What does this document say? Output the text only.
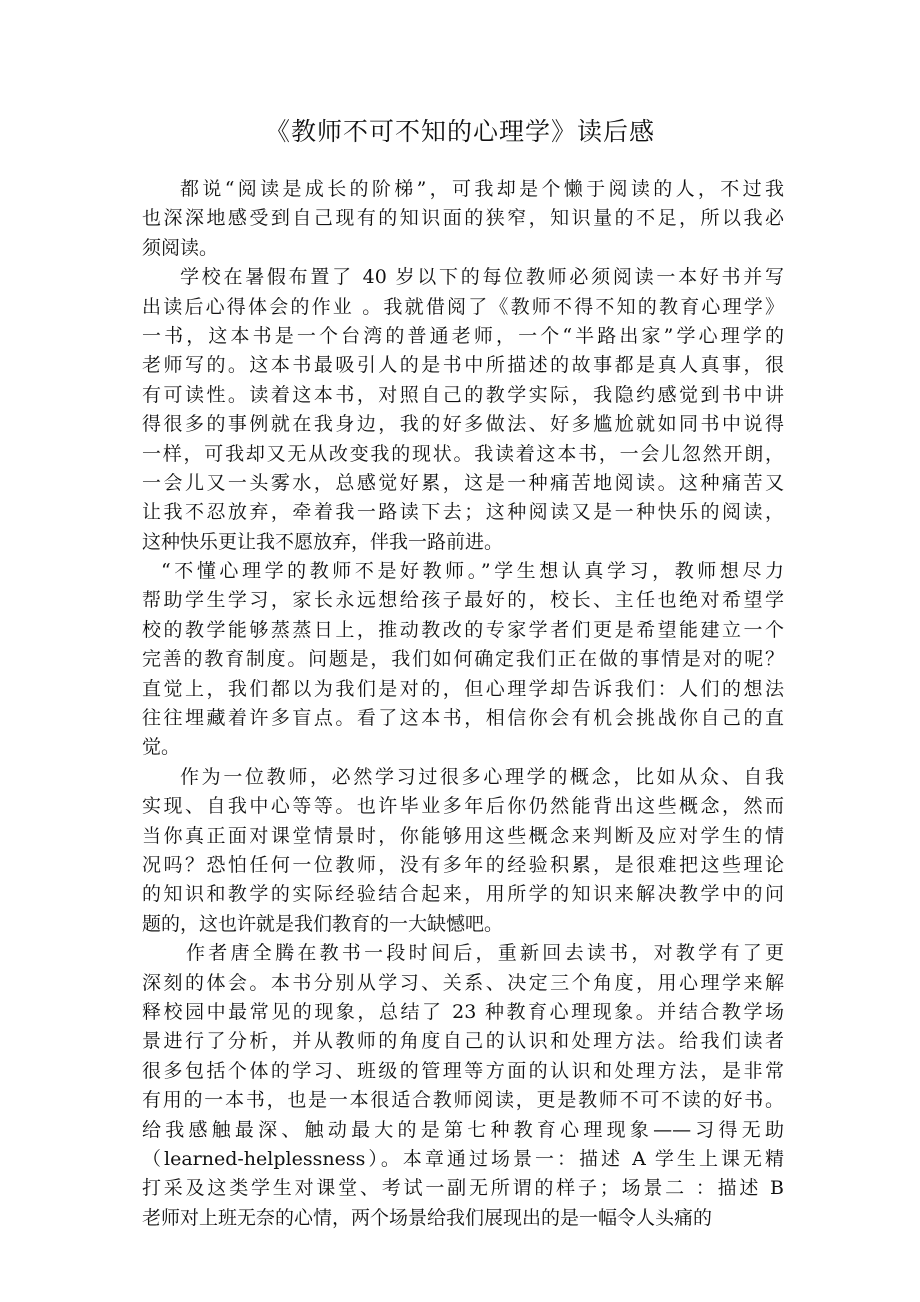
《教师不可不知的心理学》读后感
都说“阅读是成长的阶梯”，可我却是个懒于阅读的人，不过我
也深深地感受到自己现有的知识面的狭窄，知识量的不足，所以我必
须阅读。
学校在暑假布置了 40 岁以下的每位教师必须阅读一本好书并写
出读后心得体会的作业 。我就借阅了《教师不得不知的教育心理学》
一书，这本书是一个台湾的普通老师，一个“半路出家”学心理学的
老师写的。这本书最吸引人的是书中所描述的故事都是真人真事，很
有可读性。读着这本书，对照自己的教学实际，我隐约感觉到书中讲
得很多的事例就在我身边，我的好多做法、好多尴尬就如同书中说得
一样，可我却又无从改变我的现状。我读着这本书，一会儿忽然开朗，
一会儿又一头雾水，总感觉好累，这是一种痛苦地阅读。这种痛苦又
让我不忍放弃，牵着我一路读下去；这种阅读又是一种快乐的阅读，
这种快乐更让我不愿放弃，伴我一路前进。
“不懂心理学的教师不是好教师。”学生想认真学习，教师想尽力
帮助学生学习，家长永远想给孩子最好的，校长、主任也绝对希望学
校的教学能够蒸蒸日上，推动教改的专家学者们更是希望能建立一个
完善的教育制度。问题是，我们如何确定我们正在做的事情是对的呢？
直觉上，我们都以为我们是对的，但心理学却告诉我们：人们的想法
往往埋藏着许多盲点。看了这本书，相信你会有机会挑战你自己的直
觉。
作为一位教师，必然学习过很多心理学的概念，比如从众、自我
实现、自我中心等等。也许毕业多年后你仍然能背出这些概念，然而
当你真正面对课堂情景时，你能够用这些概念来判断及应对学生的情
况吗？恐怕任何一位教师，没有多年的经验积累，是很难把这些理论
的知识和教学的实际经验结合起来，用所学的知识来解决教学中的问
题的，这也许就是我们教育的一大缺憾吧。
作者唐全腾在教书一段时间后，重新回去读书，对教学有了更
深刻的体会。本书分别从学习、关系、决定三个角度，用心理学来解
释校园中最常见的现象，总结了 23 种教育心理现象。并结合教学场
景进行了分析，并从教师的角度自己的认识和处理方法。给我们读者
很多包括个体的学习、班级的管理等方面的认识和处理方法，是非常
有用的一本书，也是一本很适合教师阅读，更是教师不可不读的好书。
给我感触最深、触动最大的是第七种教育心理现象——习得无助
（learned-helplessness）。本章通过场景一：描述 A 学生上课无精
打采及这类学生对课堂、考试一副无所谓的样子；场景二 ：描述 B
老师对上班无奈的心情，两个场景给我们展现出的是一幅令人头痛的
